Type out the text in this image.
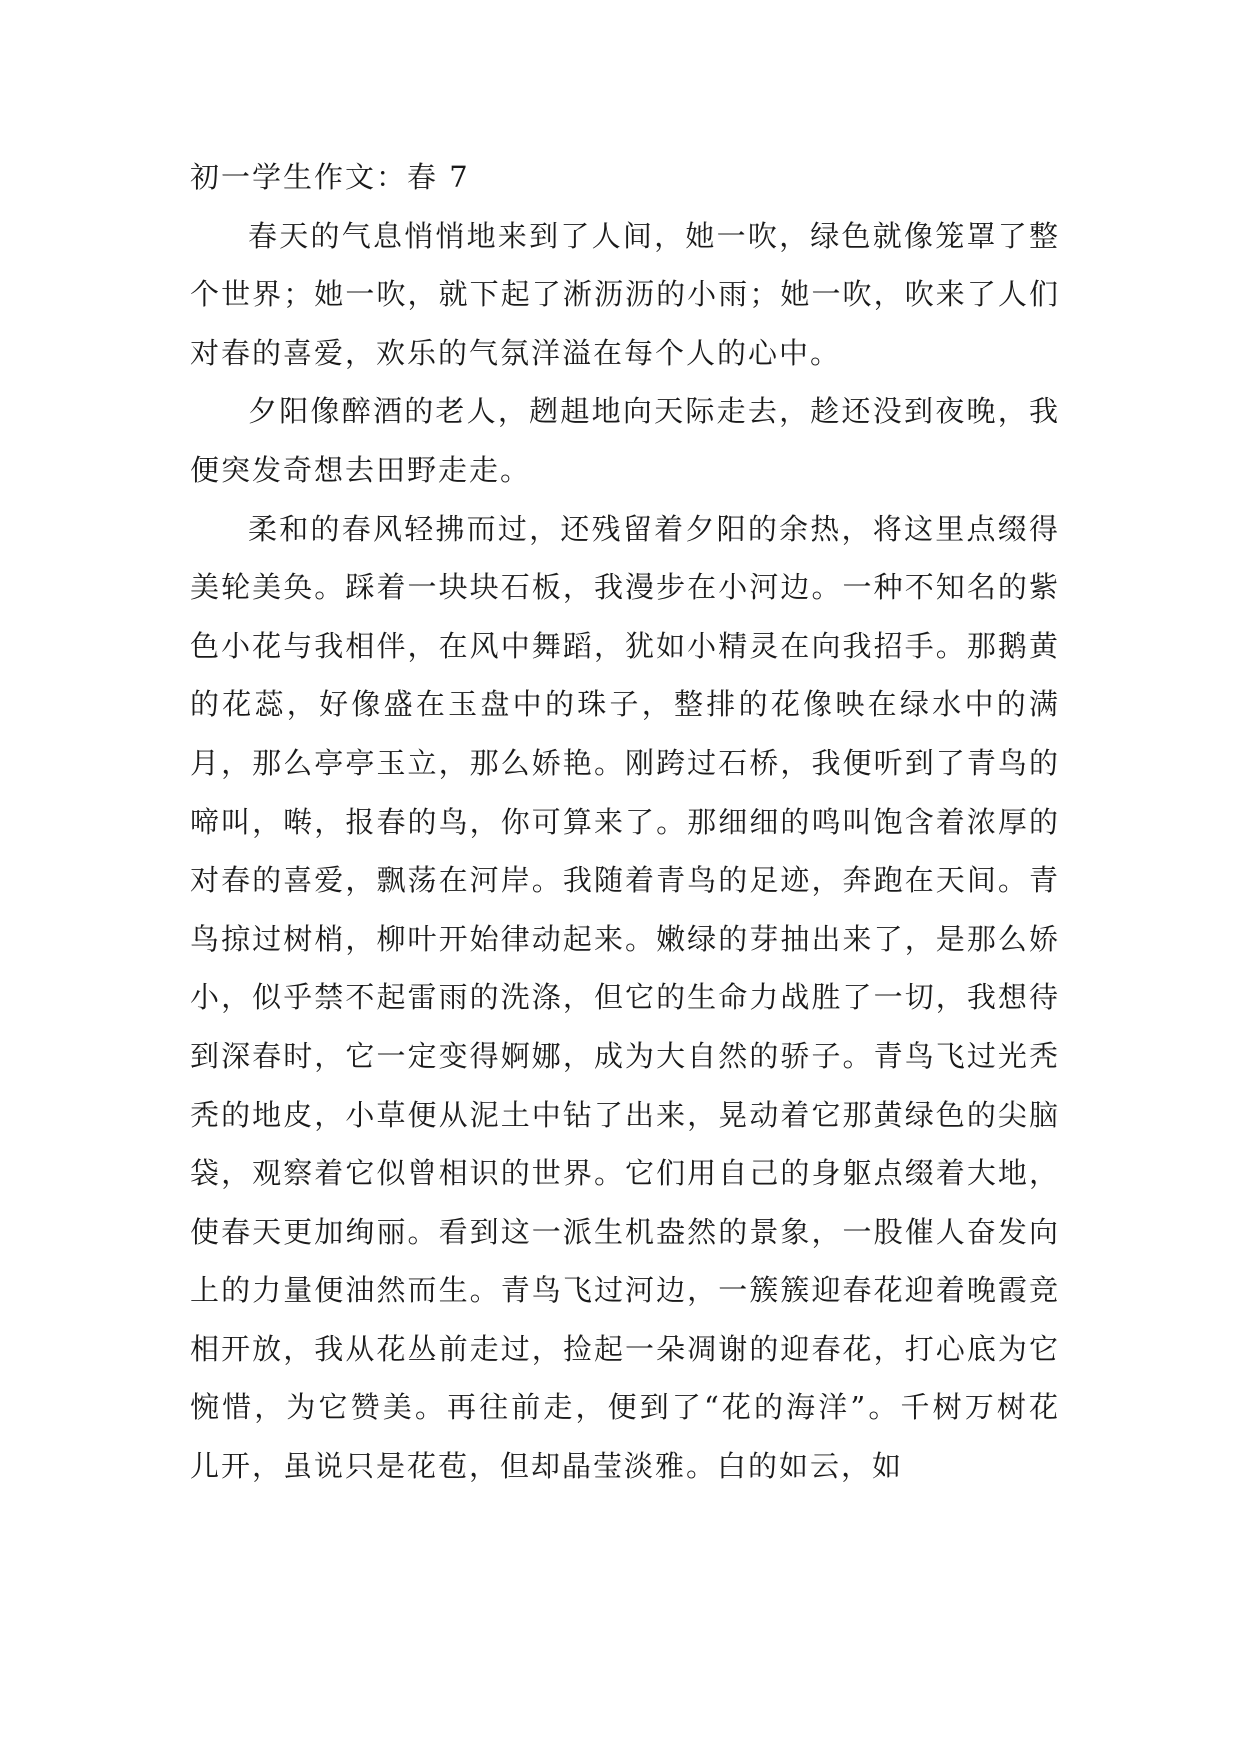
初一学生作文：春 7

春天的气息悄悄地来到了人间，她一吹，绿色就像笼罩了整个世界；她一吹，就下起了淅沥沥的小雨；她一吹，吹来了人们对春的喜爱，欢乐的气氛洋溢在每个人的心中。

夕阳像醉酒的老人，趔趄地向天际走去，趁还没到夜晚，我便突发奇想去田野走走。

柔和的春风轻拂而过，还残留着夕阳的余热，将这里点缀得美轮美奂。踩着一块块石板，我漫步在小河边。一种不知名的紫色小花与我相伴，在风中舞蹈，犹如小精灵在向我招手。那鹅黄的花蕊，好像盛在玉盘中的珠子，整排的花像映在绿水中的满月，那么亭亭玉立，那么娇艳。刚跨过石桥，我便听到了青鸟的啼叫，啭，报春的鸟，你可算来了。那细细的鸣叫饱含着浓厚的对春的喜爱，飘荡在河岸。我随着青鸟的足迹，奔跑在天间。青鸟掠过树梢，柳叶开始律动起来。嫩绿的芽抽出来了，是那么娇小，似乎禁不起雷雨的洗涤，但它的生命力战胜了一切，我想待到深春时，它一定变得婀娜，成为大自然的骄子。青鸟飞过光秃秃的地皮，小草便从泥土中钻了出来，晃动着它那黄绿色的尖脑袋，观察着它似曾相识的世界。它们用自己的身躯点缀着大地，使春天更加绚丽。看到这一派生机盎然的景象，一股催人奋发向上的力量便油然而生。青鸟飞过河边，一簇簇迎春花迎着晚霞竞相开放，我从花丛前走过，捡起一朵凋谢的迎春花，打心底为它惋惜，为它赞美。再往前走，便到了“花的海洋”。千树万树花儿开，虽说只是花苞，但却晶莹淡雅。白的如云，如
